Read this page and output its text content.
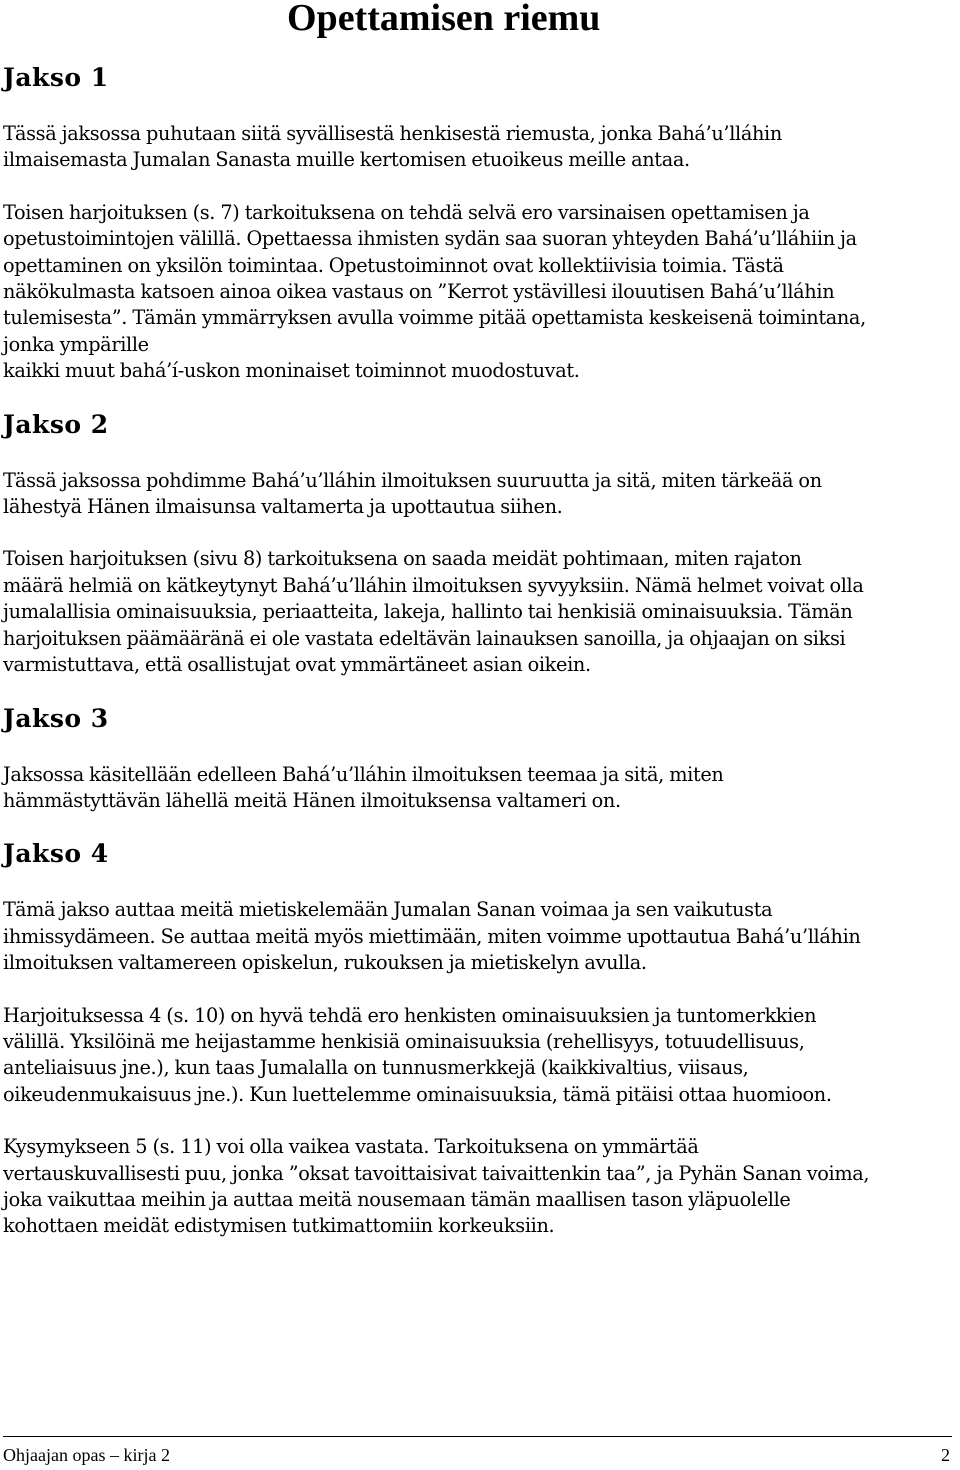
Opettamisen riemu
Jakso 1

Tässä jaksossa puhutaan siitä syvällisestä henkisestä riemusta, jonka Bahá’u’lláhin
ilmaisemasta Jumalan Sanasta muille kertomisen etuoikeus meille antaa.

Toisen harjoituksen (s. 7) tarkoituksena on tehdä selvä ero varsinaisen opettamisen ja
opetustoimintojen välillä. Opettaessa ihmisten sydän saa suoran yhteyden Bahá’u’lláhiin ja
opettaminen on yksilön toimintaa. Opetustoiminnot ovat kollektiivisia toimia. Tästä
näkökulmasta katsoen ainoa oikea vastaus on ”Kerrot ystävillesi ilouutisen Bahá’u’lláhin
tulemisesta”. Tämän ymmärryksen avulla voimme pitää opettamista keskeisenä toimintana,
jonka ympärille
kaikki muut bahá’í-uskon moninaiset toiminnot muodostuvat.

Jakso 2

Tässä jaksossa pohdimme Bahá’u’lláhin ilmoituksen suuruutta ja sitä, miten tärkeää on
lähestyä Hänen ilmaisunsa valtamerta ja upottautua siihen.

Toisen harjoituksen (sivu 8) tarkoituksena on saada meidät pohtimaan, miten rajaton
määrä helmiä on kätkeytynyt Bahá’u’lláhin ilmoituksen syvyyksiin. Nämä helmet voivat olla
jumalallisia ominaisuuksia, periaatteita, lakeja, hallinto tai henkisiä ominaisuuksia. Tämän
harjoituksen päämääränä ei ole vastata edeltävän lainauksen sanoilla, ja ohjaajan on siksi
varmistuttava, että osallistujat ovat ymmärtäneet asian oikein.

Jakso 3

Jaksossa käsitellään edelleen Bahá’u’lláhin ilmoituksen teemaa ja sitä, miten
hämmästyttävän lähellä meitä Hänen ilmoituksensa valtameri on.

Jakso 4

Tämä jakso auttaa meitä mietiskelemään Jumalan Sanan voimaa ja sen vaikutusta
ihmissydämeen. Se auttaa meitä myös miettimään, miten voimme upottautua Bahá’u’lláhin
ilmoituksen valtamereen opiskelun, rukouksen ja mietiskelyn avulla.

Harjoituksessa 4 (s. 10) on hyvä tehdä ero henkisten ominaisuuksien ja tuntomerkkien
välillä. Yksilöinä me heijastamme henkisiä ominaisuuksia (rehellisyys, totuudellisuus,
anteliaisuus jne.), kun taas Jumalalla on tunnusmerkkejä (kaikkivaltius, viisaus,
oikeudenmukaisuus jne.). Kun luettelemme ominaisuuksia, tämä pitäisi ottaa huomioon.

Kysymykseen 5 (s. 11) voi olla vaikea vastata. Tarkoituksena on ymmärtää
vertauskuvallisesti puu, jonka ”oksat tavoittaisivat taivaittenkin taa”, ja Pyhän Sanan voima,
joka vaikuttaa meihin ja auttaa meitä nousemaan tämän maallisen tason yläpuolelle
kohottaen meidät edistymisen tutkimattomiin korkeuksiin.

Ohjaajan opas – kirja 2	2
